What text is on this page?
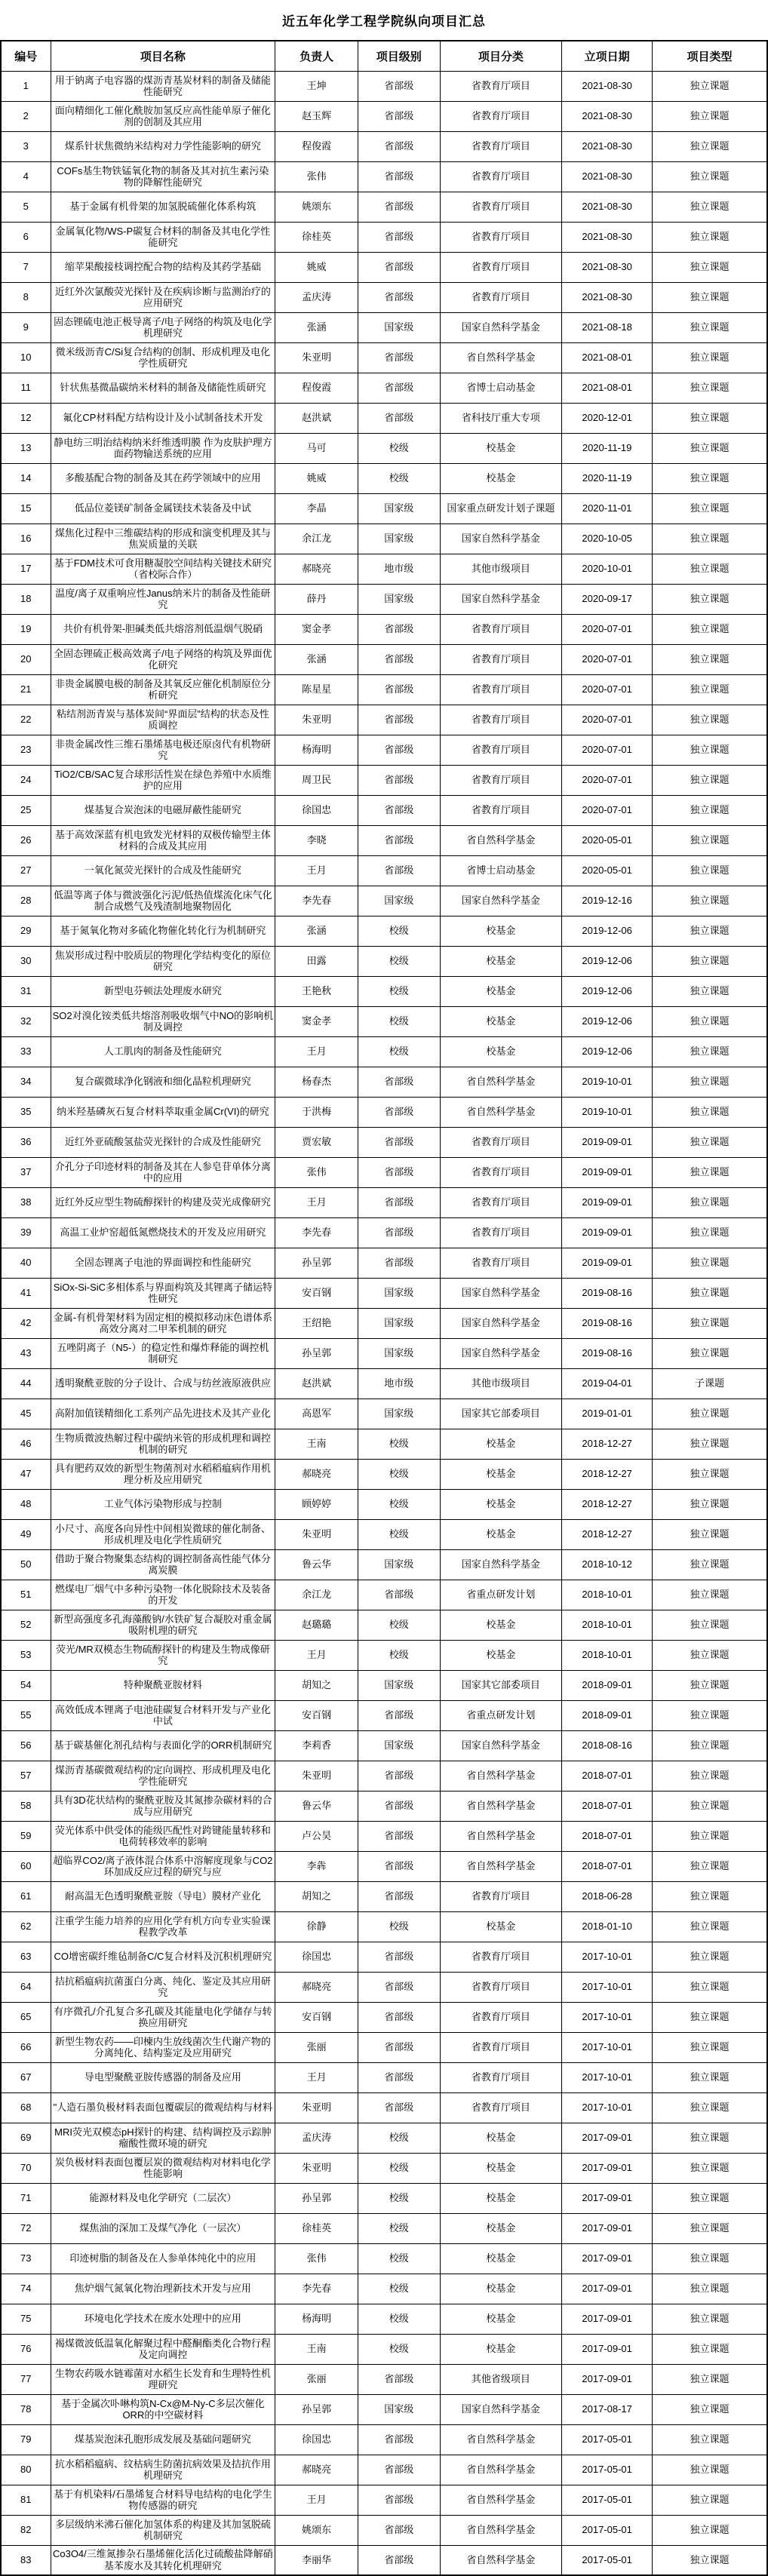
近五年化学工程学院纵向项目汇总
编号	项目名称	负责人	项目级别	项目分类	立项日期	项目类型
1	用于钠离子电容器的煤沥青基炭材料的制备及储能性能研究	王坤	省部级	省教育厅项目	2021-08-30	独立课题
2	面向精细化工催化酰胺加氢反应高性能单原子催化剂的创制及其应用	赵玉辉	省部级	省教育厅项目	2021-08-30	独立课题
3	煤系针状焦微纳米结构对力学性能影响的研究	程俊霞	省部级	省教育厅项目	2021-08-30	独立课题
4	COFs基生物铁锰氧化物的制备及其对抗生素污染物的降解性能研究	张伟	省部级	省教育厅项目	2021-08-30	独立课题
5	基于金属有机骨架的加氢脱硫催化体系构筑	姚颂东	省部级	省教育厅项目	2021-08-30	独立课题
6	金属氧化物/WS-P碳复合材料的制备及其电化学性能研究	徐桂英	省部级	省教育厅项目	2021-08-30	独立课题
7	缩苹果酸接枝调控配合物的结构及其药学基础	姚威	省部级	省教育厅项目	2021-08-30	独立课题
8	近红外次氯酸荧光探针及在疾病诊断与监测治疗的应用研究	孟庆涛	省部级	省教育厅项目	2021-08-30	独立课题
9	固态锂硫电池正极导离子/电子网络的构筑及电化学机理研究	张涵	国家级	国家自然科学基金	2021-08-18	独立课题
10	微米级沥青C/Si复合结构的创制、形成机理及电化学性质研究	朱亚明	省部级	省自然科学基金	2021-08-01	独立课题
11	针状焦基微晶碳纳米材料的制备及储能性质研究	程俊霞	省部级	省博士启动基金	2021-08-01	独立课题
12	氟化CP材料配方结构设计及小试制备技术开发	赵洪斌	省部级	省科技厅重大专项	2020-12-01	独立课题
13	静电纺三明治结构纳米纤维透明膜 作为皮肤护理方面药物输送系统的应用	马可	校级	校基金	2020-11-19	独立课题
14	多酸基配合物的制备及其在药学领域中的应用	姚威	校级	校基金	2020-11-19	独立课题
15	低品位菱镁矿制备金属镁技术装备及中试	李晶	国家级	国家重点研发计划子课题	2020-11-01	独立课题
16	煤焦化过程中三维碳结构的形成和演变机理及其与焦炭质量的关联	余江龙	国家级	国家自然科学基金	2020-10-05	独立课题
17	基于FDM技术可食用糖凝胶空间结构关键技术研究（省校际合作）	郝晓亮	地市级	其他市级项目	2020-10-01	独立课题
18	温度/离子双重响应性Janus纳米片的制备及性能研究	薛丹	国家级	国家自然科学基金	2020-09-17	独立课题
19	共价有机骨架-胆碱类低共熔溶剂低温烟气脱硝	窦金孝	省部级	省教育厅项目	2020-07-01	独立课题
20	全固态锂硫正极高效离子/电子网络的构筑及界面优化研究	张涵	省部级	省教育厅项目	2020-07-01	独立课题
21	非贵金属膜电极的制备及其氧反应催化机制原位分析研究	陈星星	省部级	省教育厅项目	2020-07-01	独立课题
22	粘结剂沥青炭与基体炭间“界面层”结构的状态及性质调控	朱亚明	省部级	省教育厅项目	2020-07-01	独立课题
23	非贵金属改性三维石墨烯基电极还原卤代有机物研究	杨海明	省部级	省教育厅项目	2020-07-01	独立课题
24	TiO2/CB/SAC复合球形活性炭在绿色养殖中水质维护的应用	周卫民	省部级	省教育厅项目	2020-07-01	独立课题
25	煤基复合炭泡沫的电磁屏蔽性能研究	徐国忠	省部级	省教育厅项目	2020-07-01	独立课题
26	基于高效深蓝有机电致发光材料的双极传输型主体材料的合成及其应用	李晓	省部级	省自然科学基金	2020-05-01	独立课题
27	一氧化氮荧光探针的合成及性能研究	王月	省部级	省博士启动基金	2020-05-01	独立课题
28	低温等离子体与微波强化污泥/低热值煤流化床气化制合成燃气及残渣制地聚物固化	李先春	国家级	国家自然科学基金	2019-12-16	独立课题
29	基于氮氧化物对多硫化物催化转化行为机制研究	张涵	校级	校基金	2019-12-06	独立课题
30	焦炭形成过程中胶质层的物理化学结构变化的原位研究	田露	校级	校基金	2019-12-06	独立课题
31	新型电芬顿法处理废水研究	王艳秋	校级	校基金	2019-12-06	独立课题
32	SO2对溴化铵类低共熔溶剂吸收烟气中NO的影响机制及调控	窦金孝	校级	校基金	2019-12-06	独立课题
33	人工肌肉的制备及性能研究	王月	校级	校基金	2019-12-06	独立课题
34	复合碳微球净化钢液和细化晶粒机理研究	杨春杰	省部级	省自然科学基金	2019-10-01	独立课题
35	纳米羟基磷灰石复合材料萃取重金属Cr(VI)的研究	于洪梅	省部级	省自然科学基金	2019-10-01	独立课题
36	近红外亚硫酸氢盐荧光探针的合成及性能研究	贾宏敏	省部级	省教育厅项目	2019-09-01	独立课题
37	介孔分子印迹材料的制备及其在人参皂苷单体分离中的应用	张伟	省部级	省教育厅项目	2019-09-01	独立课题
38	近红外反应型生物硫醇探针的构建及荧光成像研究	王月	省部级	省教育厅项目	2019-09-01	独立课题
39	高温工业炉窑超低氮燃烧技术的开发及应用研究	李先春	省部级	省教育厅项目	2019-09-01	独立课题
40	全固态锂离子电池的界面调控和性能研究	孙呈郭	省部级	省教育厅项目	2019-09-01	独立课题
41	SiOx-Si-SiC多相体系与界面构筑及其锂离子储运特性研究	安百钢	国家级	国家自然科学基金	2019-08-16	独立课题
42	金属-有机骨架材料为固定相的模拟移动床色谱体系高效分离对二甲苯机制的研究	王绍艳	国家级	国家自然科学基金	2019-08-16	独立课题
43	五唑阴离子（N5-）的稳定性和爆炸释能的调控机制研究	孙呈郭	国家级	国家自然科学基金	2019-08-16	独立课题
44	透明聚酰亚胺的分子设计、合成与纺丝液原液供应	赵洪斌	地市级	其他市级项目	2019-04-01	子课题
45	高附加值镁精细化工系列产品先进技术及其产业化	高恩军	国家级	国家其它部委项目	2019-01-01	独立课题
46	生物质微波热解过程中碳纳米管的形成机理和调控机制的研究	王南	校级	校基金	2018-12-27	独立课题
47	具有肥药双效的新型生物菌剂对水稻稻瘟病作用机理分析及应用研究	郝晓亮	校级	校基金	2018-12-27	独立课题
48	工业气体污染物形成与控制	顾婷婷	校级	校基金	2018-12-27	独立课题
49	小尺寸、高度各向异性中间相炭微球的催化制备、形成机理及电化学性质研究	朱亚明	校级	校基金	2018-12-27	独立课题
50	借助于聚合物聚集态结构的调控制备高性能气体分离炭膜	鲁云华	国家级	国家自然科学基金	2018-10-12	独立课题
51	燃煤电厂烟气中多种污染物一体化脱除技术及装备的开发	余江龙	省部级	省重点研发计划	2018-10-01	独立课题
52	新型高强度多孔海藻酸钠/水铁矿复合凝胶对重金属吸附机理的研究	赵璐璐	校级	校基金	2018-10-01	独立课题
53	荧光/MR双模态生物硫醇探针的构建及生物成像研究	王月	校级	校基金	2018-10-01	独立课题
54	特种聚酰亚胺材料	胡知之	国家级	国家其它部委项目	2018-09-01	独立课题
55	高效低成本锂离子电池硅碳复合材料开发与产业化中试	安百钢	省部级	省重点研发计划	2018-09-01	独立课题
56	基于碳基催化剂孔结构与表面化学的ORR机制研究	李莉香	国家级	国家自然科学基金	2018-08-16	独立课题
57	煤沥青基碳微观结构的定向调控、形成机理及电化学性能研究	朱亚明	省部级	省自然科学基金	2018-07-01	独立课题
58	具有3D花状结构的聚酰亚胺及其氮掺杂碳材料的合成与应用研究	鲁云华	省部级	省自然科学基金	2018-07-01	独立课题
59	荧光体系中供受体的能级匹配性对跨键能量转移和电荷转移效率的影响	卢公昊	省部级	省自然科学基金	2018-07-01	独立课题
60	超临界CO2/离子液体混合体系中溶解度现象与CO2环加成反应过程的研究与应	李犇	省部级	省自然科学基金	2018-07-01	独立课题
61	耐高温无色透明聚酰亚胺（导电）膜材产业化	胡知之	省部级	省教育厅项目	2018-06-28	独立课题
62	注重学生能力培养的应用化学有机方向专业实验课程教学改革	徐静	校级	校基金	2018-01-10	独立课题
63	CO增密碳纤维毡制备C/C复合材料及沉积机理研究	徐国忠	省部级	省教育厅项目	2017-10-01	独立课题
64	拮抗稻瘟病抗菌蛋白分离、纯化、鉴定及其应用研究	郝晓亮	省部级	省教育厅项目	2017-10-01	独立课题
65	有序微孔/介孔复合多孔碳及其能量电化学储存与转换应用研究	安百钢	省部级	省教育厅项目	2017-10-01	独立课题
66	新型生物农药——印楝内生放线菌次生代谢产物的分离纯化、结构鉴定及应用研究	张丽	省部级	省教育厅项目	2017-10-01	独立课题
67	导电型聚酰亚胺传感器的制备及应用	王月	省部级	省教育厅项目	2017-10-01	独立课题
68	"人造石墨负极材料表面包覆碳层的微观结构与材料	朱亚明	省部级	省教育厅项目	2017-10-01	独立课题
69	MRI荧光双模态pH探针的构建、结构调控及示踪肿瘤酸性微环境的研究	孟庆涛	校级	校基金	2017-09-01	独立课题
70	炭负极材料表面包覆层炭的微观结构对材料电化学性能影响	朱亚明	校级	校基金	2017-09-01	独立课题
71	能源材料及电化学研究（二层次）	孙呈郭	校级	校基金	2017-09-01	独立课题
72	煤焦油的深加工及煤气净化（一层次）	徐桂英	校级	校基金	2017-09-01	独立课题
73	印迹树脂的制备及在人参单体纯化中的应用	张伟	校级	校基金	2017-09-01	独立课题
74	焦炉烟气氮氧化物治理新技术开发与应用	李先春	校级	校基金	2017-09-01	独立课题
75	环境电化学技术在废水处理中的应用	杨海明	校级	校基金	2017-09-01	独立课题
76	褐煤微波低温氧化解聚过程中醛酮酯类化合物行程及定向调控	王南	校级	校基金	2017-09-01	独立课题
77	生物农药吸水链霉菌对水稻生长发育和生理特性机理研究	张丽	省部级	其他省级项目	2017-09-01	独立课题
78	基于金属次卟啉构筑N-Cx@M-Ny-C多层次催化ORR的中空碳材料	孙呈郭	国家级	国家自然科学基金	2017-08-17	独立课题
79	煤基炭泡沫孔胞形成发展及基础问题研究	徐国忠	省部级	省自然科学基金	2017-05-01	独立课题
80	抗水稻稻瘟病、纹枯病生防菌抗病效果及拮抗作用机理研究	郝晓亮	省部级	省自然科学基金	2017-05-01	独立课题
81	基于有机染料/石墨烯复合材料导电结构的电化学生物传感器的研究	王月	省部级	省自然科学基金	2017-05-01	独立课题
82	多层级纳米沸石催化加氢体系的构建及其加氢脱硫机制研究	姚颂东	省部级	省自然科学基金	2017-05-01	独立课题
83	Co3O4/三维氮掺杂石墨烯催化活化过硫酸盐降解硝基苯废水及其转化机理研究	李丽华	省部级	省自然科学基金	2017-05-01	独立课题
